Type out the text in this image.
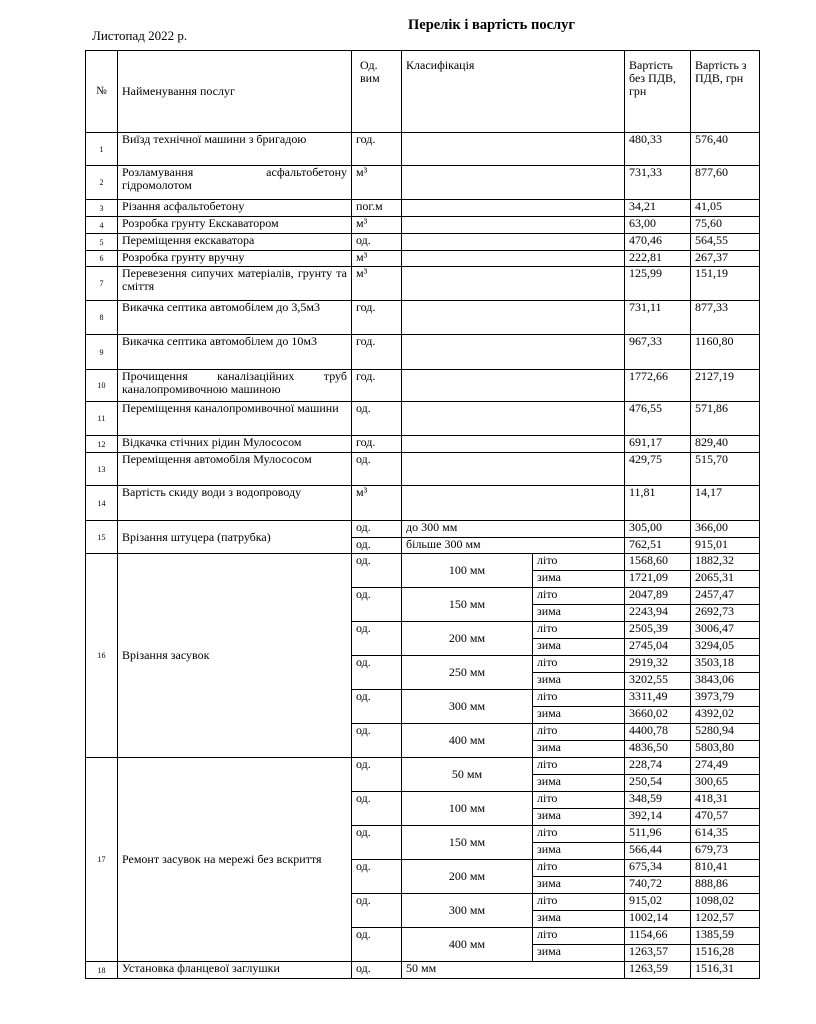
Листопад 2022 р.
Перелік і вартість послуг
№	Найменування послуг	Од. вим	Класифікація		Вартість без ПДВ, грн	Вартість з ПДВ, грн
1	Виїзд технічної машини з бригадою	год.			480,33	576,40
2	Розламування асфальтобетону гідромолотом	м³			731,33	877,60
3	Різання асфальтобетону	пог.м			34,21	41,05
4	Розробка грунту Екскаватором	м³			63,00	75,60
5	Переміщення екскаватора	од.			470,46	564,55
6	Розробка грунту вручну	м³			222,81	267,37
7	Перевезення сипучих матеріалів, грунту та сміття	м³			125,99	151,19
8	Викачка септика автомобілем до 3,5м3	год.			731,11	877,33
9	Викачка септика автомобілем до 10м3	год.			967,33	1160,80
10	Прочищення каналізаційних труб каналопромивочною машиною	год.			1772,66	2127,19
11	Переміщення каналопромивочної машини	од.			476,55	571,86
12	Відкачка стічних рідин Мулососом	год.			691,17	829,40
13	Переміщення автомобіля Мулососом	од.			429,75	515,70
14	Вартість скиду води з водопроводу	м³			11,81	14,17
15	Врізання штуцера (патрубка)	од.	до 300 мм		305,00	366,00
		од.	більше 300 мм		762,51	915,01
16	Врізання засувок	од.	100 мм	літо	1568,60	1882,32
				зима	1721,09	2065,31
		од.	150 мм	літо	2047,89	2457,47
				зима	2243,94	2692,73
		од.	200 мм	літо	2505,39	3006,47
				зима	2745,04	3294,05
		од.	250 мм	літо	2919,32	3503,18
				зима	3202,55	3843,06
		од.	300 мм	літо	3311,49	3973,79
				зима	3660,02	4392,02
		од.	400 мм	літо	4400,78	5280,94
				зима	4836,50	5803,80
17	Ремонт засувок на мережі без вскриття	од.	50 мм	літо	228,74	274,49
				зима	250,54	300,65
		од.	100 мм	літо	348,59	418,31
				зима	392,14	470,57
		од.	150 мм	літо	511,96	614,35
				зима	566,44	679,73
		од.	200 мм	літо	675,34	810,41
				зима	740,72	888,86
		од.	300 мм	літо	915,02	1098,02
				зима	1002,14	1202,57
		од.	400 мм	літо	1154,66	1385,59
				зима	1263,57	1516,28
18	Установка фланцевої заглушки	од.	50 мм		1263,59	1516,31
